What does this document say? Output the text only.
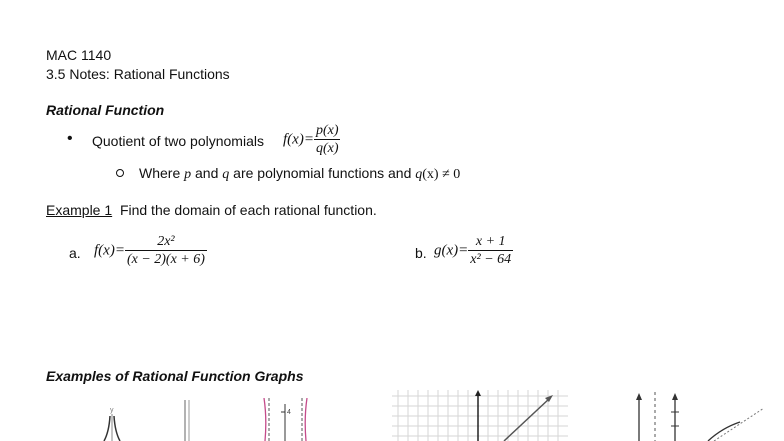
MAC 1140
3.5 Notes: Rational Functions
Rational Function
• Quotient of two polynomials $f(x)= \frac{p(x)}{q(x)}$
Where p and q are polynomial functions and q(x) ≠ 0
Example 1 Find the domain of each rational function.
a. $f(x)= \frac{\text{2x²}}{(x - 2)(x + 6)}$	b. $g(x)= \frac{x + 1}{\text{x² − 64}}$
Examples of Rational Function Graphs
y	4
